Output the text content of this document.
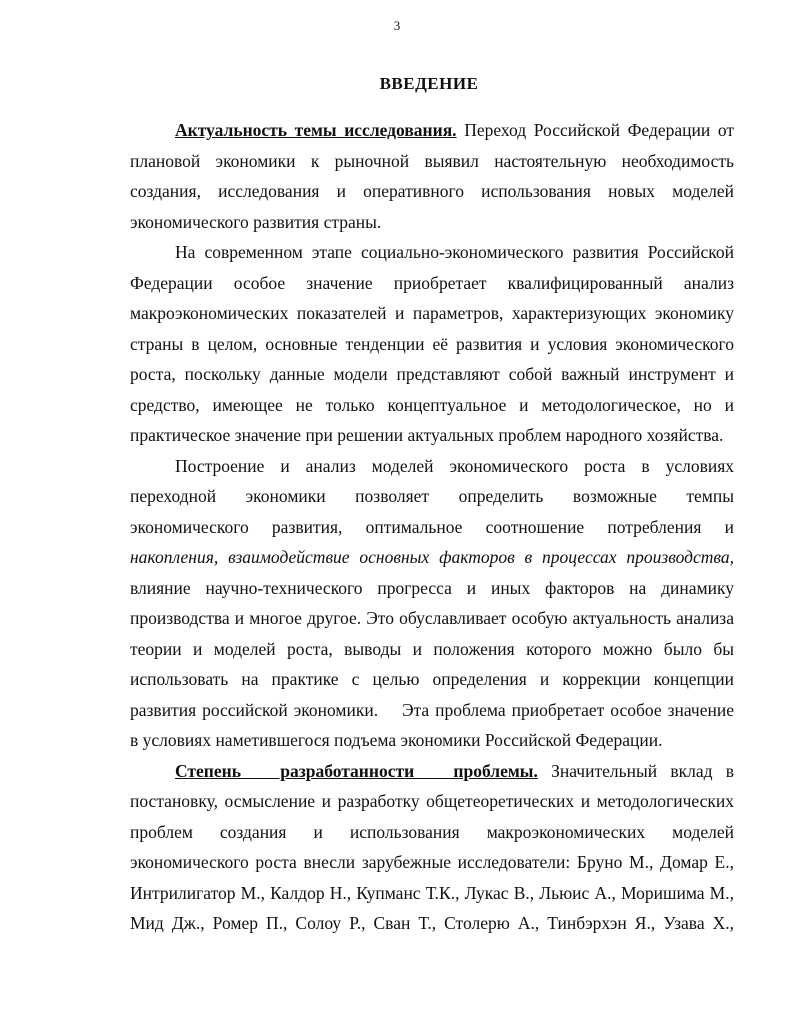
3
ВВЕДЕНИЕ
Актуальность темы исследования. Переход Российской Федерации от
плановой экономики к рыночной выявил настоятельную необходимость
создания, исследования и оперативного использования новых моделей
экономического развития страны.
На современном этапе социально-экономического развития Российской
Федерации особое значение приобретает квалифицированный анализ
макроэкономических показателей и параметров, характеризующих экономику
страны в целом, основные тенденции её развития и условия экономического
роста, поскольку данные модели представляют собой важный инструмент и
средство, имеющее не только концептуальное и методологическое, но и
практическое значение при решении актуальных проблем народного хозяйства.
Построение и анализ моделей экономического роста в условиях
переходной экономики позволяет определить возможные темпы
экономического развития, оптимальное соотношение потребления и
накопления, взаимодействие основных факторов в процессах производства,
влияние научно-технического прогресса и иных факторов на динамику
производства и многое другое. Это обуславливает особую актуальность анализа
теории и моделей роста, выводы и положения которого можно было бы
использовать на практике с целью определения и коррекции концепции
развития российской экономики.    Эта проблема приобретает особое значение
в условиях наметившегося подъема экономики Российской Федерации.
Степень разработанности проблемы. Значительный вклад в
постановку, осмысление и разработку общетеоретических и методологических
проблем создания и использования макроэкономических моделей
экономического роста внесли зарубежные исследователи: Бруно М., Домар Е.,
Интрилигатор М., Калдор Н., Купманс Т.К., Лукас В., Льюис А., Моришима М.,
Мид Дж., Ромер П., Солоу Р., Сван Т., Столерю А., Тинбэрхэн Я., Узава Х.,
